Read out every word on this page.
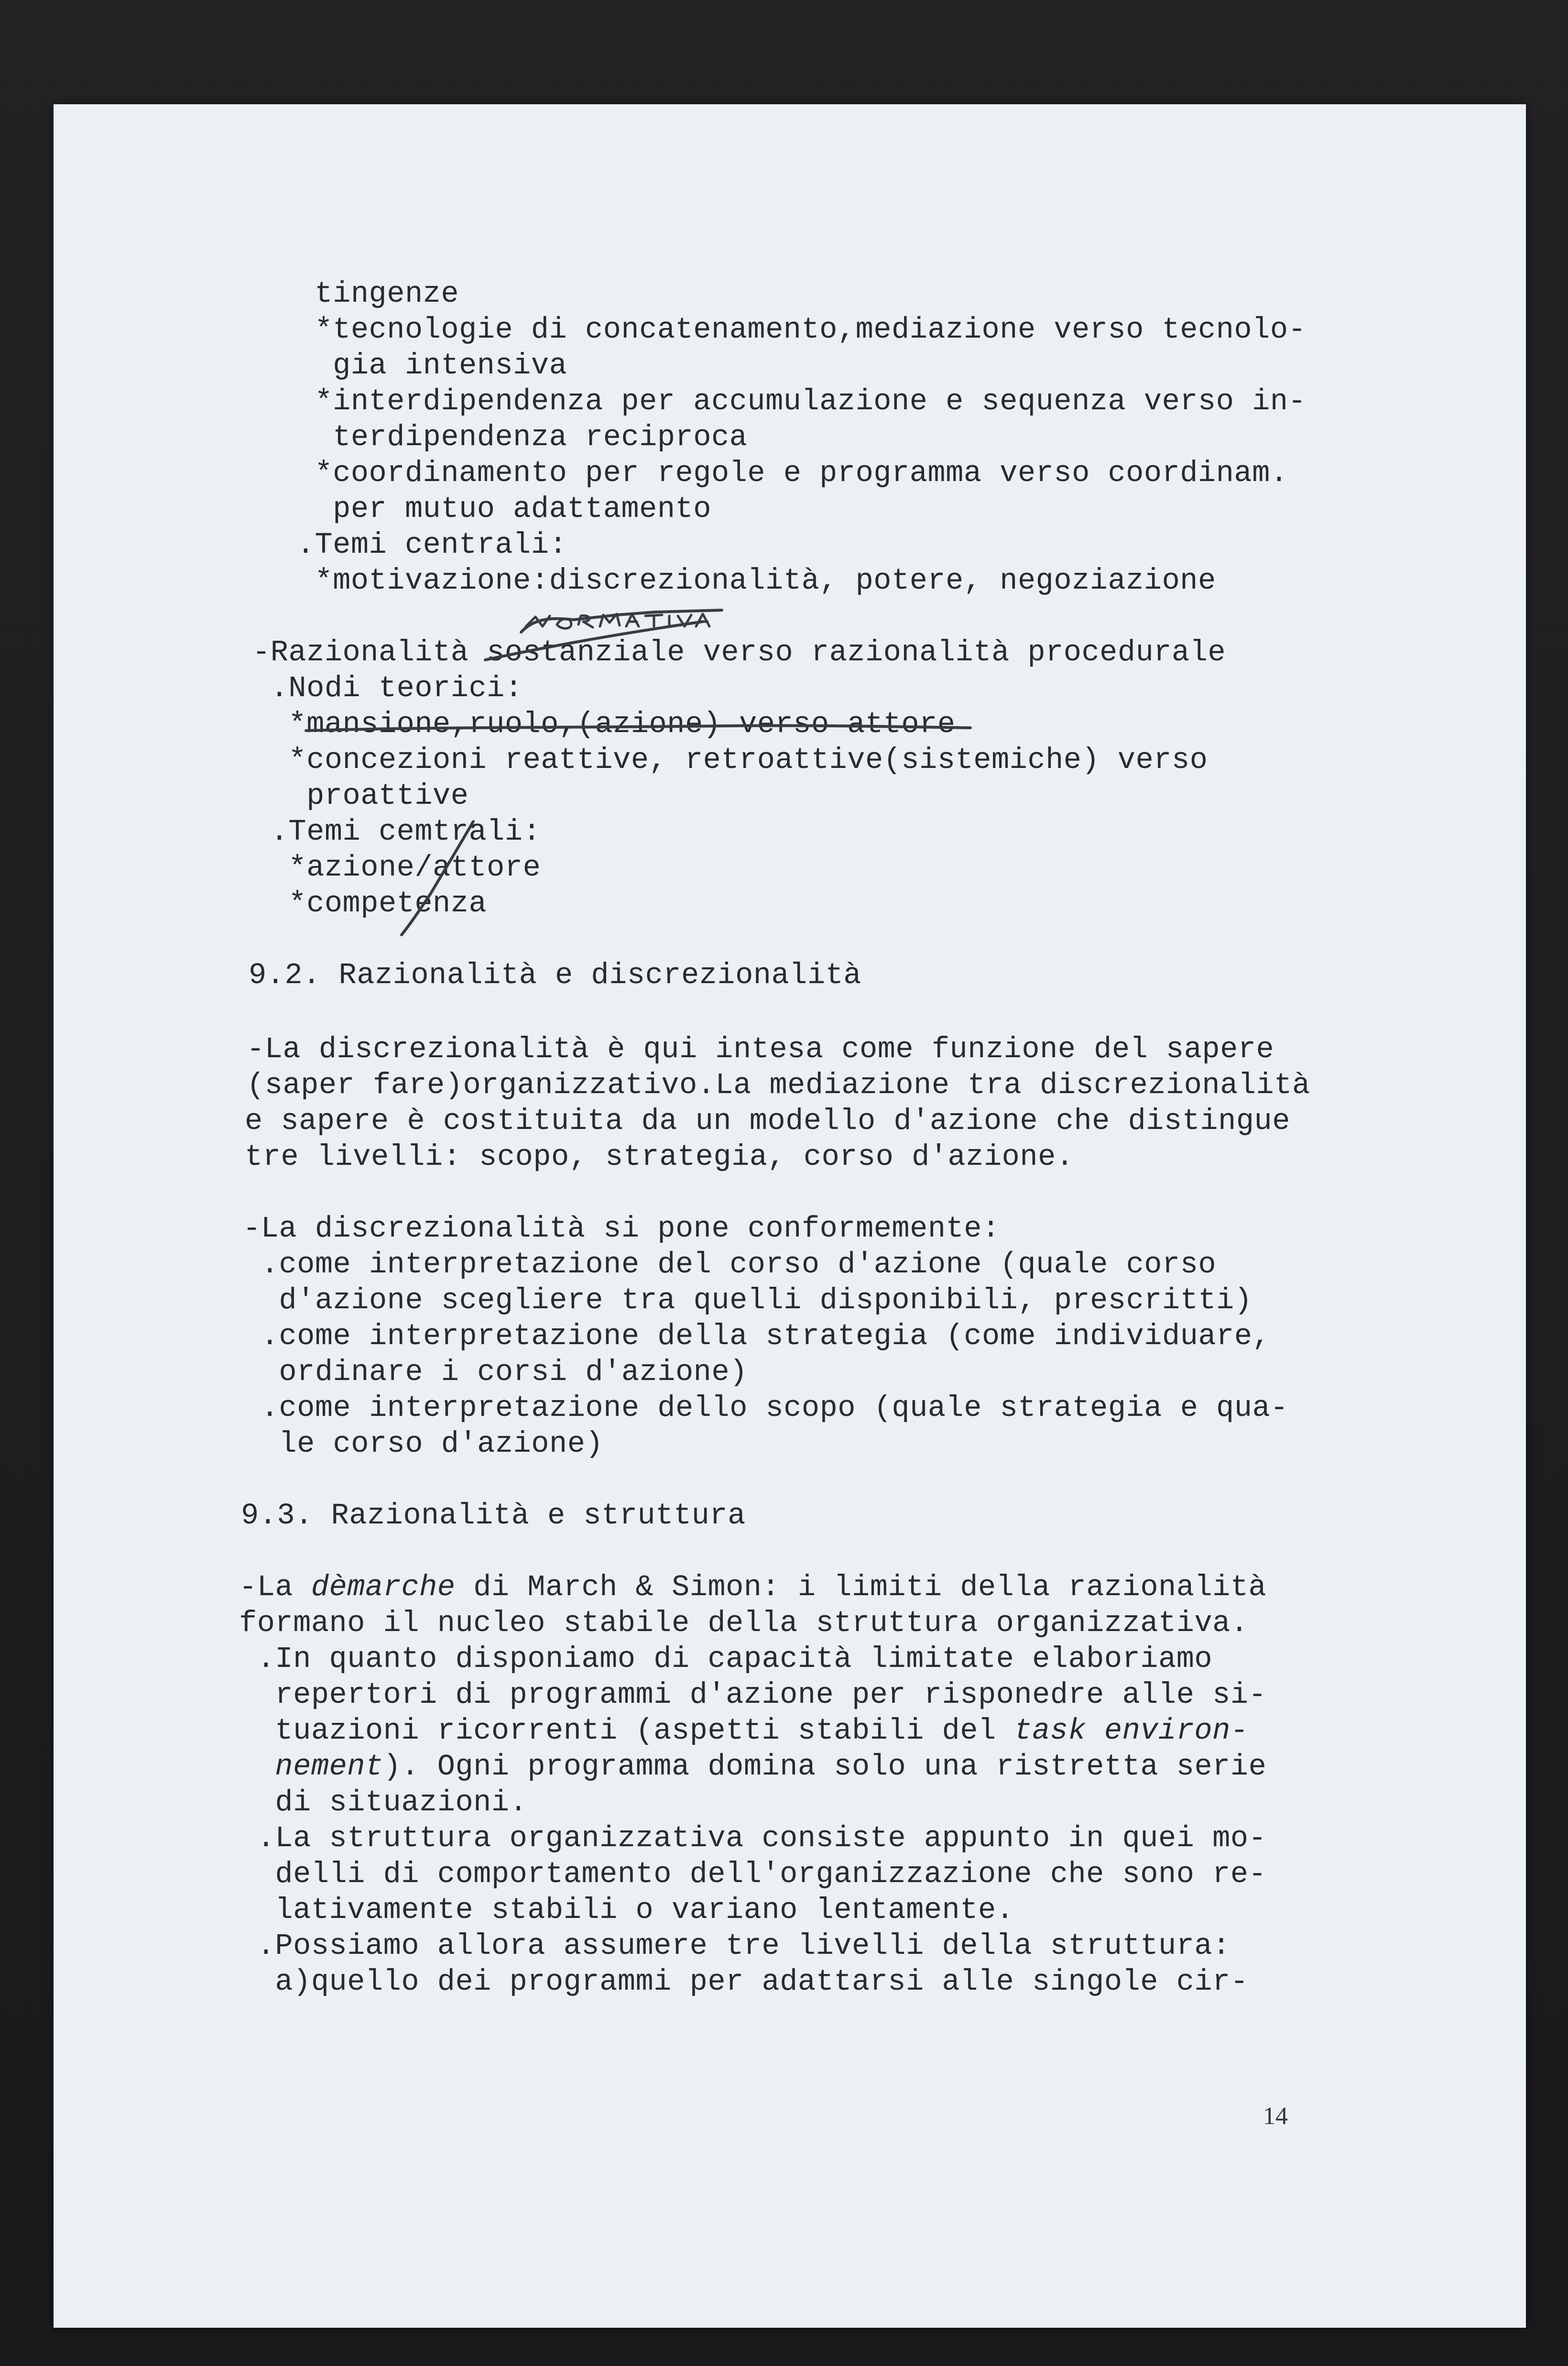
tingenze
*tecnologie di concatenamento,mediazione verso tecnolo-
gia intensiva
*interdipendenza per accumulazione e sequenza verso in-
terdipendenza reciproca
*coordinamento per regole e programma verso coordinam.
per mutuo adattamento
.Temi centrali:
*motivazione:discrezionalità, potere, negoziazione
-Razionalità sostanziale verso razionalità procedurale
.Nodi teorici:
*mansione,ruolo,(azione) verso attore
*concezioni reattive, retroattive(sistemiche) verso
proattive
.Temi cemtrali:
*azione/attore
*competenza
9.2. Razionalità e discrezionalità
-La discrezionalità è qui intesa come funzione del sapere
(saper fare)organizzativo.La mediazione tra discrezionalità
e sapere è costituita da un modello d'azione che distingue
tre livelli: scopo, strategia, corso d'azione.
-La discrezionalità si pone conformemente:
.come interpretazione del corso d'azione (quale corso
d'azione scegliere tra quelli disponibili, prescritti)
.come interpretazione della strategia (come individuare,
ordinare i corsi d'azione)
.come interpretazione dello scopo (quale strategia e qua-
le corso d'azione)
9.3. Razionalità e struttura
-La dèmarche di March & Simon: i limiti della razionalità
formano il nucleo stabile della struttura organizzativa.
.In quanto disponiamo di capacità limitate elaboriamo
repertori di programmi d'azione per risponedre alle si-
tuazioni ricorrenti (aspetti stabili del task environ-
nement). Ogni programma domina solo una ristretta serie
di situazioni.
.La struttura organizzativa consiste appunto in quei mo-
delli di comportamento dell'organizzazione che sono re-
lativamente stabili o variano lentamente.
.Possiamo allora assumere tre livelli della struttura:
a)quello dei programmi per adattarsi alle singole cir-
14
